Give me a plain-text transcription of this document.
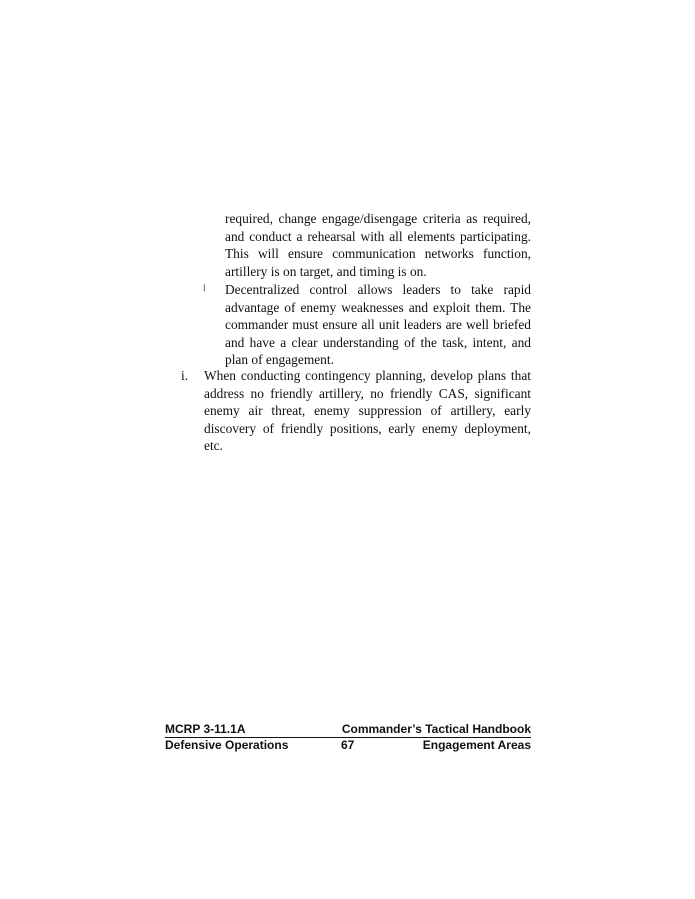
required, change engage/disengage criteria as required, and conduct a rehearsal with all elements participating. This will ensure communication networks function, artillery is on target, and timing is on.
l Decentralized control allows leaders to take rapid advantage of enemy weaknesses and exploit them. The commander must ensure all unit leaders are well briefed and have a clear understanding of the task, intent, and plan of engagement.
i. When conducting contingency planning, develop plans that address no friendly artillery, no friendly CAS, significant enemy air threat, enemy suppression of artillery, early discovery of friendly positions, early enemy deployment, etc.
MCRP 3-11.1A	Commander’s Tactical Handbook
Defensive Operations	67	Engagement Areas
